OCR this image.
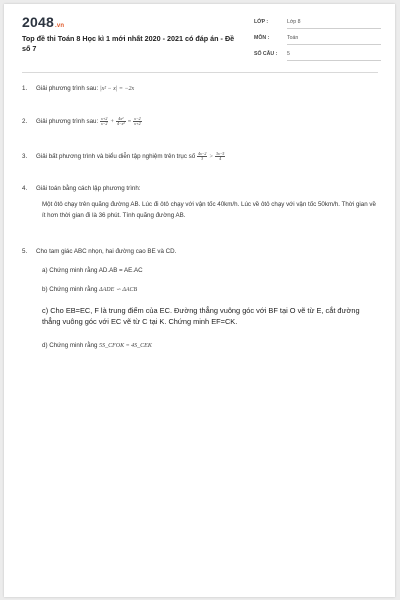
2048.vn
Top đề thi Toán 8 Học kì 1 mới nhất 2020 - 2021 có đáp án - Đề số 7
LỚP :	Lớp 8
MÔN :	Toán
SỐ CÂU : 5
1. Giải phương trình sau: |x² − x| = −2x
2. Giải phương trình sau: $\frac{x+2}{x-2} + \frac{\text{4x²}}{\text{4−x²}} = \frac{x-2}{x+2}$
3. Giải bất phương trình và biểu diễn tập nghiệm trên trục số $\frac{4x-2}{3} > \frac{3x-5}{4}$
4. Giải toán bằng cách lập phương trình:
Một ôtô chạy trên quãng đường AB. Lúc đi ôtô chạy với vận tốc 40km/h. Lúc về ôtô chạy với vận tốc 50km/h. Thời gian về ít hơn thời gian đi là 36 phút. Tính quãng đường AB.
5. Cho tam giác ABC nhọn, hai đường cao BE và CD.
a) Chứng minh rằng AD.AB = AE.AC
b) Chứng minh rằng ΔADE ∽ ΔACB
c) Cho EB=EC, F là trung điểm của EC. Đường thẳng vuông góc với BF tại O vẽ từ E, cắt đường thẳng vuông góc với EC vẽ từ C tại K. Chứng minh EF=CK.
d) Chứng minh rằng 5S_CFOK = 4S_CEK
